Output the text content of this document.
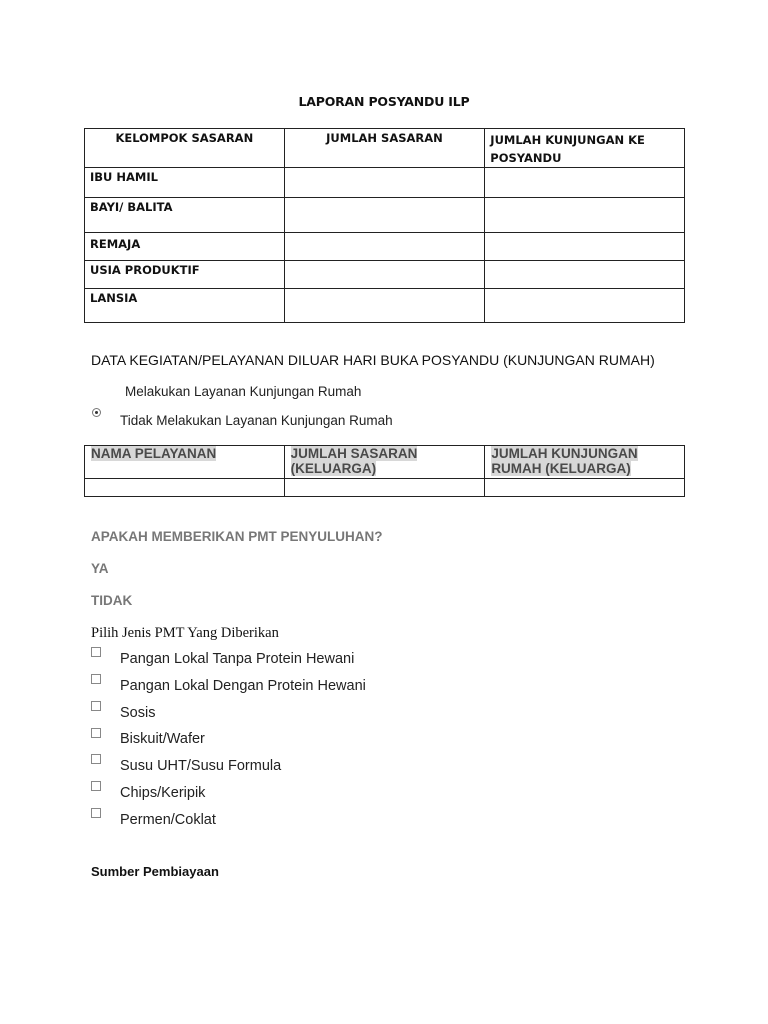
LAPORAN POSYANDU ILP
KELOMPOK SASARAN	JUMLAH SASARAN	JUMLAH KUNJUNGAN KE POSYANDU
IBU HAMIL		
BAYI/ BALITA		
REMAJA		
USIA PRODUKTIF		
LANSIA		
DATA KEGIATAN/PELAYANAN DILUAR HARI BUKA POSYANDU (KUNJUNGAN RUMAH)
Melakukan Layanan Kunjungan Rumah
Tidak Melakukan Layanan Kunjungan Rumah
NAMA PELAYANAN	JUMLAH SASARAN (KELUARGA)	JUMLAH KUNJUNGAN RUMAH (KELUARGA)

APAKAH MEMBERIKAN PMT PENYULUHAN?
YA
TIDAK
Pilih Jenis PMT Yang Diberikan
Pangan Lokal Tanpa Protein Hewani
Pangan Lokal Dengan Protein Hewani
Sosis
Biskuit/Wafer
Susu UHT/Susu Formula
Chips/Keripik
Permen/Coklat
Sumber Pembiayaan
